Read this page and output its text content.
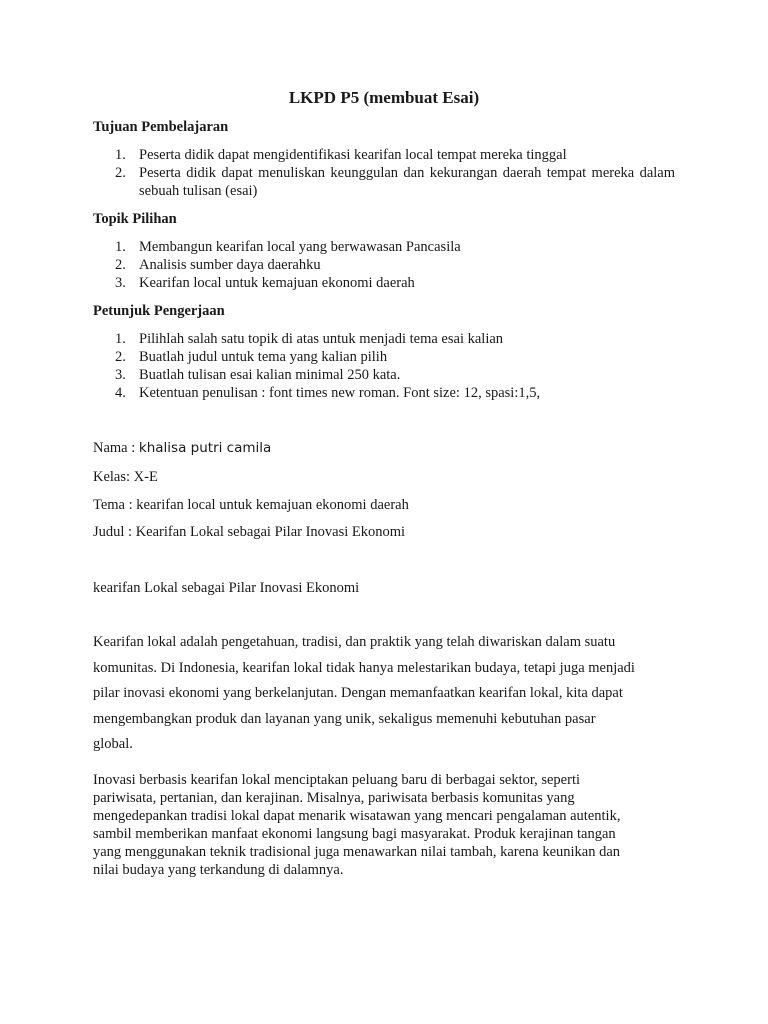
LKPD P5 (membuat Esai)
Tujuan Pembelajaran
1. Peserta didik dapat mengidentifikasi kearifan local tempat mereka tinggal
2. Peserta didik dapat menuliskan keunggulan dan kekurangan daerah tempat mereka dalam sebuah tulisan (esai)
Topik Pilihan
1. Membangun kearifan local yang berwawasan Pancasila
2. Analisis sumber daya daerahku
3. Kearifan local untuk kemajuan ekonomi daerah
Petunjuk Pengerjaan
1. Pilihlah salah satu topik di atas untuk menjadi tema esai kalian
2. Buatlah judul untuk tema yang kalian pilih
3. Buatlah tulisan esai kalian minimal 250 kata.
4. Ketentuan penulisan : font times new roman. Font size: 12, spasi:1,5,
Nama : khalisa putri camila
Kelas: X-E
Tema : kearifan local untuk kemajuan ekonomi daerah
Judul : Kearifan Lokal sebagai Pilar Inovasi Ekonomi
kearifan Lokal sebagai Pilar Inovasi Ekonomi
Kearifan lokal adalah pengetahuan, tradisi, dan praktik yang telah diwariskan dalam suatu
komunitas. Di Indonesia, kearifan lokal tidak hanya melestarikan budaya, tetapi juga menjadi
pilar inovasi ekonomi yang berkelanjutan. Dengan memanfaatkan kearifan lokal, kita dapat
mengembangkan produk dan layanan yang unik, sekaligus memenuhi kebutuhan pasar
global.
Inovasi berbasis kearifan lokal menciptakan peluang baru di berbagai sektor, seperti
pariwisata, pertanian, dan kerajinan. Misalnya, pariwisata berbasis komunitas yang
mengedepankan tradisi lokal dapat menarik wisatawan yang mencari pengalaman autentik,
sambil memberikan manfaat ekonomi langsung bagi masyarakat. Produk kerajinan tangan
yang menggunakan teknik tradisional juga menawarkan nilai tambah, karena keunikan dan
nilai budaya yang terkandung di dalamnya.
